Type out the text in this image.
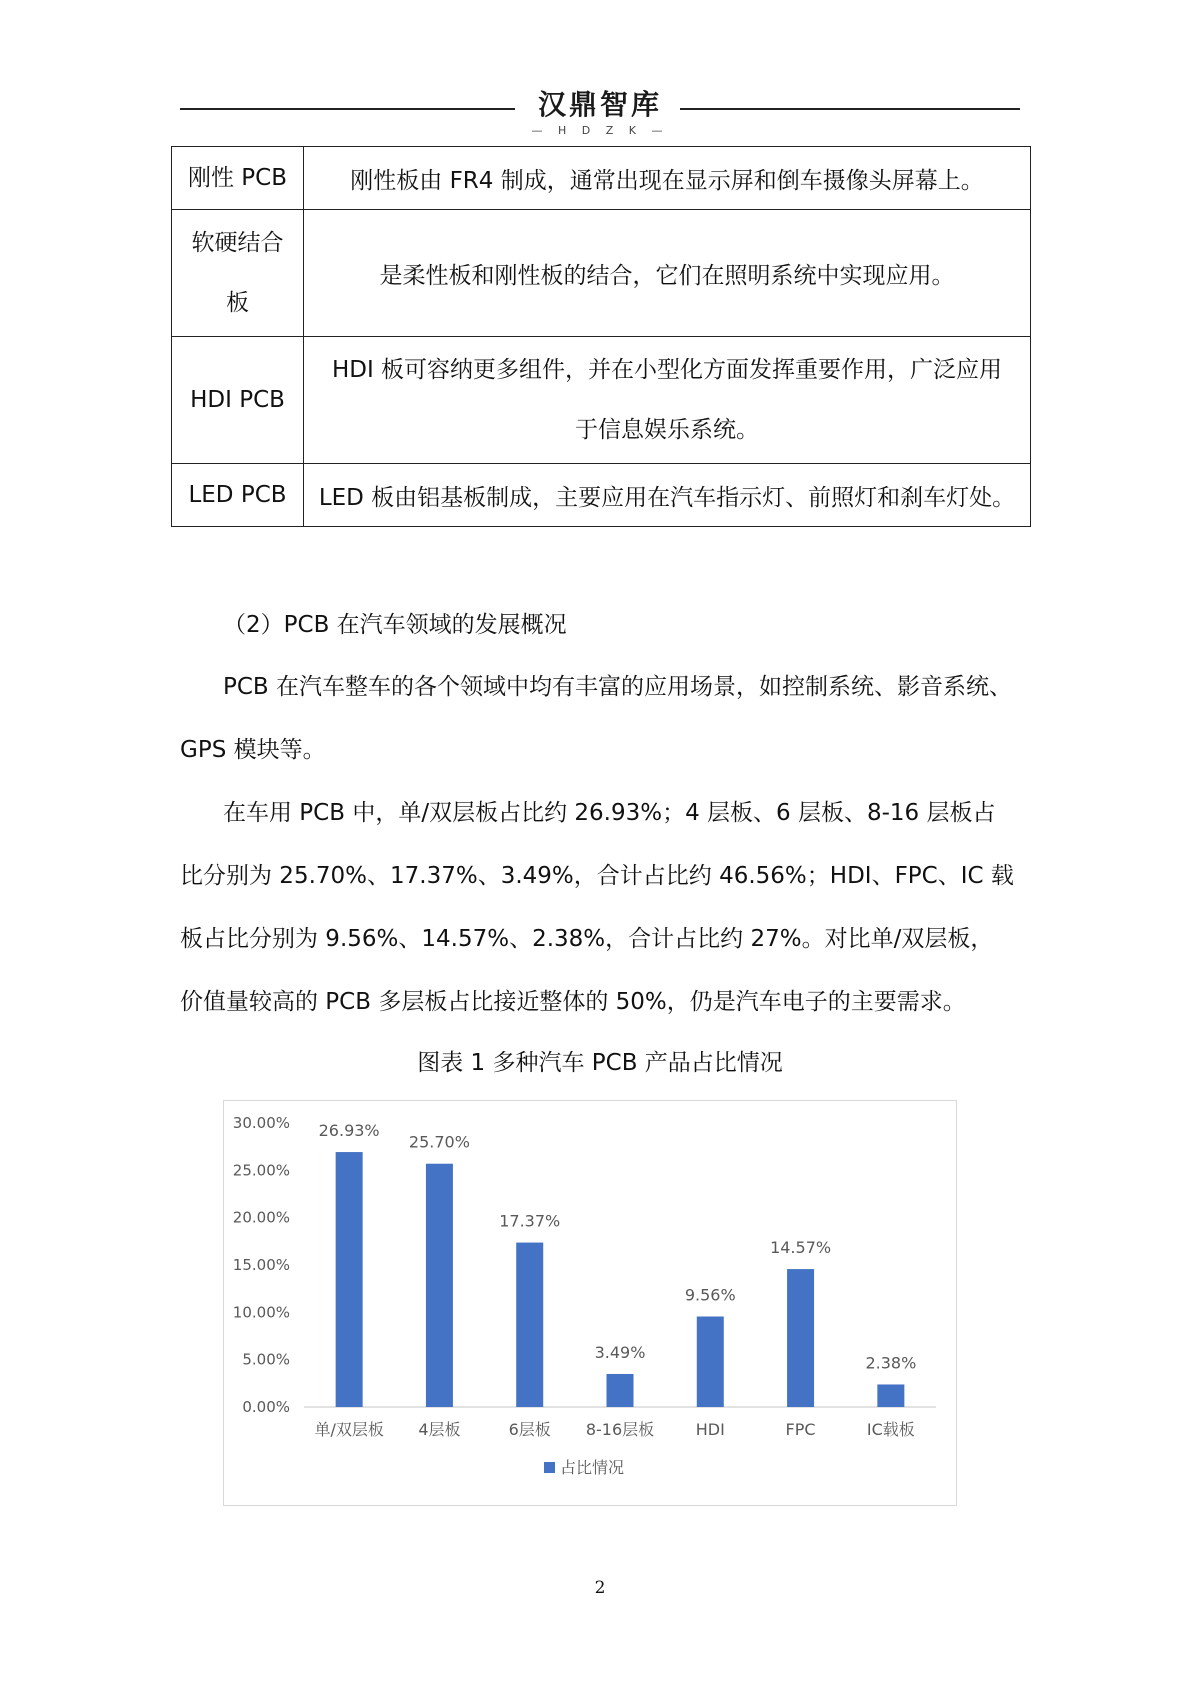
汉鼎智库
— H D Z K —
刚性 PCB	刚性板由 FR4 制成，通常出现在显示屏和倒车摄像头屏幕上。

软硬结合
板	是柔性板和刚性板的结合，它们在照明系统中实现应用。
HDI PCB	HDI 板可容纳更多组件，并在小型化方面发挥重要作用，广泛应用
于信息娱乐系统。

LED PCB	LED 板由铝基板制成，主要应用在汽车指示灯、前照灯和刹车灯处。
（2）PCB 在汽车领域的发展概况
PCB 在汽车整车的各个领域中均有丰富的应用场景，如控制系统、影音系统、
GPS 模块等。
在车用 PCB 中，单/双层板占比约 26.93%；4 层板、6 层板、8-16 层板占
比分别为 25.70%、17.37%、3.49%，合计占比约 46.56%；HDI、FPC、IC 载
板占比分别为 9.56%、14.57%、2.38%，合计占比约 27%。对比单/双层板，
价值量较高的 PCB 多层板占比接近整体的 50%，仍是汽车电子的主要需求。
图表 1 多种汽车 PCB 产品占比情况
0.00%
5.00%
10.00%
15.00%
20.00%
25.00%
30.00% 26.93%
单/双层板
25.70%
4层板
17.37%
6层板
3.49%
8-16层板
9.56%
HDI
14.57%
FPC
2.38%
IC载板
占比情况
2
